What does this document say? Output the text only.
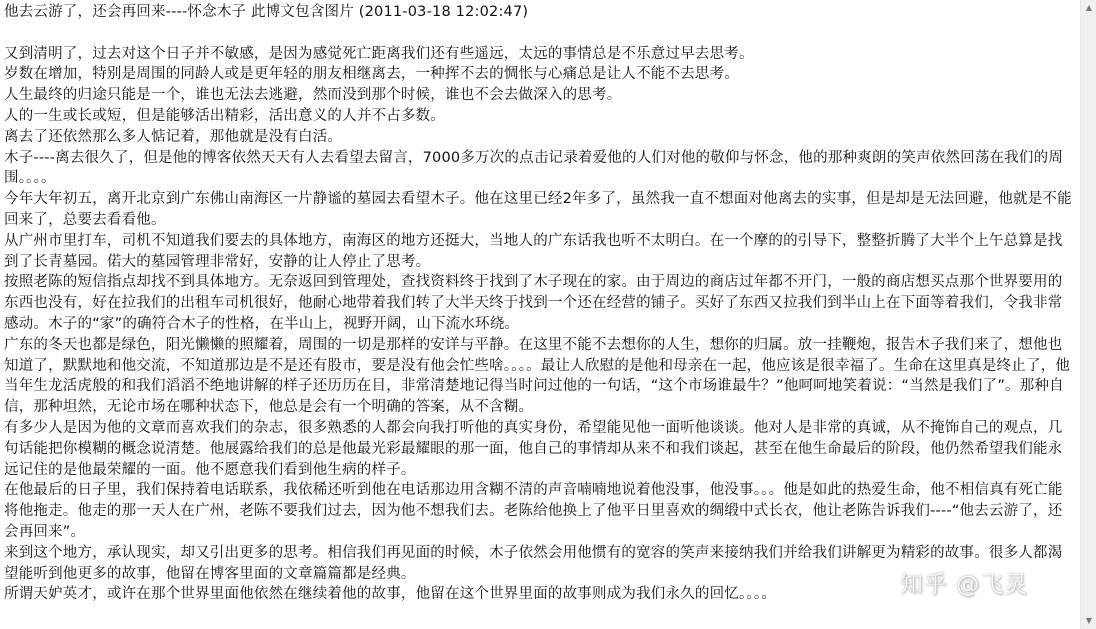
他去云游了，还会再回来----怀念木子 此博文包含图片 (2011-03-18 12:02:47)

又到清明了，过去对这个日子并不敏感，是因为感觉死亡距离我们还有些遥远，太远的事情总是不乐意过早去思考。

岁数在增加，特别是周围的同龄人或是更年轻的朋友相继离去，一种挥不去的惆怅与心痛总是让人不能不去思考。

人生最终的归途只能是一个，谁也无法去逃避，然而没到那个时候，谁也不会去做深入的思考。

人的一生或长或短，但是能够活出精彩，活出意义的人并不占多数。

离去了还依然那么多人惦记着，那他就是没有白活。

木子----离去很久了，但是他的博客依然天天有人去看望去留言，7000多万次的点击记录着爱他的人们对他的敬仰与怀念，他的那种爽朗的笑声依然回荡在我们的周围。。。。

今年大年初五，离开北京到广东佛山南海区一片静谧的墓园去看望木子。他在这里已经2年多了，虽然我一直不想面对他离去的实事，但是却是无法回避，他就是不能回来了，总要去看看他。

从广州市里打车，司机不知道我们要去的具体地方，南海区的地方还挺大，当地人的广东话我也听不太明白。在一个摩的的引导下，整整折腾了大半个上午总算是找到了长青墓园。偌大的墓园管理非常好，安静的让人停止了思考。

按照老陈的短信指点却找不到具体地方。无奈返回到管理处，查找资料终于找到了木子现在的家。由于周边的商店过年都不开门，一般的商店想买点那个世界要用的东西也没有，好在拉我们的出租车司机很好，他耐心地带着我们转了大半天终于找到一个还在经营的铺子。买好了东西又拉我们到半山上在下面等着我们，令我非常感动。木子的“家”的确符合木子的性格，在半山上，视野开阔，山下流水环绕。

广东的冬天也都是绿色，阳光懒懒的照耀着，周围的一切是那样的安详与平静。在这里不能不去想你的人生，想你的归属。放一挂鞭炮，报告木子我们来了，想他也知道了，默默地和他交流，不知道那边是不是还有股市，要是没有他会忙些啥。。。。最让人欣慰的是他和母亲在一起，他应该是很幸福了。生命在这里真是终止了，他当年生龙活虎般的和我们滔滔不绝地讲解的样子还历历在目，非常清楚地记得当时问过他的一句话，“这个市场谁最牛？”他呵呵地笑着说：“当然是我们了”。那种自信，那种坦然，无论市场在哪种状态下，他总是会有一个明确的答案，从不含糊。

有多少人是因为他的文章而喜欢我们的杂志，很多熟悉的人都会向我打听他的真实身份，希望能见他一面听他谈谈。他对人是非常的真诚，从不掩饰自己的观点，几句话能把你模糊的概念说清楚。他展露给我们的总是他最光彩最耀眼的那一面，他自己的事情却从来不和我们谈起，甚至在他生命最后的阶段，他仍然希望我们能永远记住的是他最荣耀的一面。他不愿意我们看到他生病的样子。

在他最后的日子里，我们保持着电话联系，我依稀还听到他在电话那边用含糊不清的声音喃喃地说着他没事，他没事。。。他是如此的热爱生命，他不相信真有死亡能将他拖走。他走的那一天人在广州，老陈不要我们过去，因为他不想我们去。老陈给他换上了他平日里喜欢的绸缎中式长衣，他让老陈告诉我们----“他去云游了，还会再回来”。

来到这个地方，承认现实，却又引出更多的思考。相信我们再见面的时候，木子依然会用他惯有的宽容的笑声来接纳我们并给我们讲解更为精彩的故事。很多人都渴望能听到他更多的故事，他留在博客里面的文章篇篇都是经典。

所谓天妒英才，或许在那个世界里面他依然在继续着他的故事，他留在这个世界里面的故事则成为我们永久的回忆。。。。	知乎 @飞灵
▲
▼
